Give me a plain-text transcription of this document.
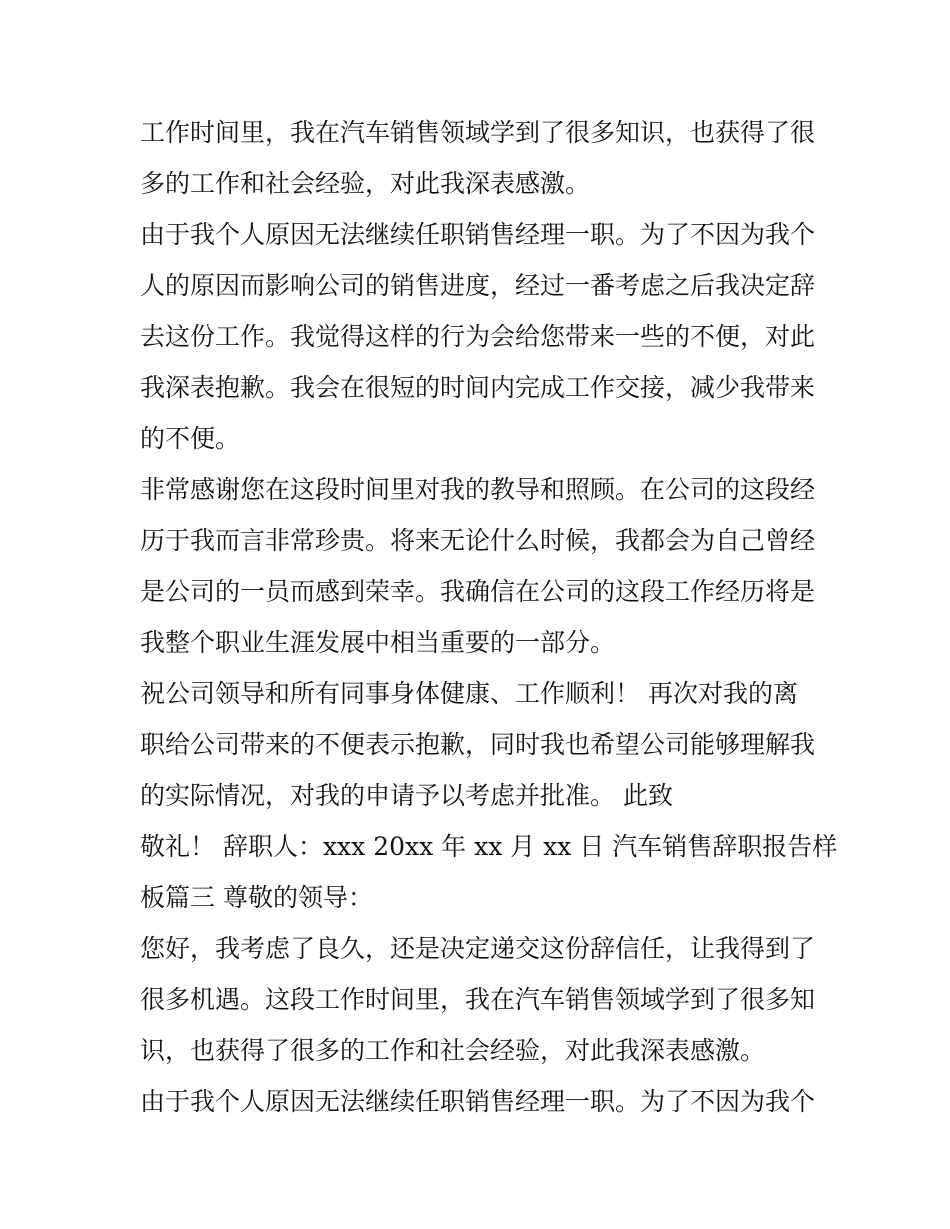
工作时间里，我在汽车销售领域学到了很多知识，也获得了很
多的工作和社会经验，对此我深表感激。
由于我个人原因无法继续任职销售经理一职。为了不因为我个
人的原因而影响公司的销售进度，经过一番考虑之后我决定辞
去这份工作。我觉得这样的行为会给您带来一些的不便，对此
我深表抱歉。我会在很短的时间内完成工作交接，减少我带来
的不便。
非常感谢您在这段时间里对我的教导和照顾。在公司的这段经
历于我而言非常珍贵。将来无论什么时候，我都会为自己曾经
是公司的一员而感到荣幸。我确信在公司的这段工作经历将是
我整个职业生涯发展中相当重要的一部分。
祝公司领导和所有同事身体健康、工作顺利！ 再次对我的离
职给公司带来的不便表示抱歉，同时我也希望公司能够理解我
的实际情况，对我的申请予以考虑并批准。 此致
敬礼！ 辞职人：xxx 20xx 年 xx 月 xx 日 汽车销售辞职报告样
板篇三 尊敬的领导：
您好，我考虑了良久，还是决定递交这份辞信任，让我得到了
很多机遇。这段工作时间里，我在汽车销售领域学到了很多知
识，也获得了很多的工作和社会经验，对此我深表感激。
由于我个人原因无法继续任职销售经理一职。为了不因为我个
